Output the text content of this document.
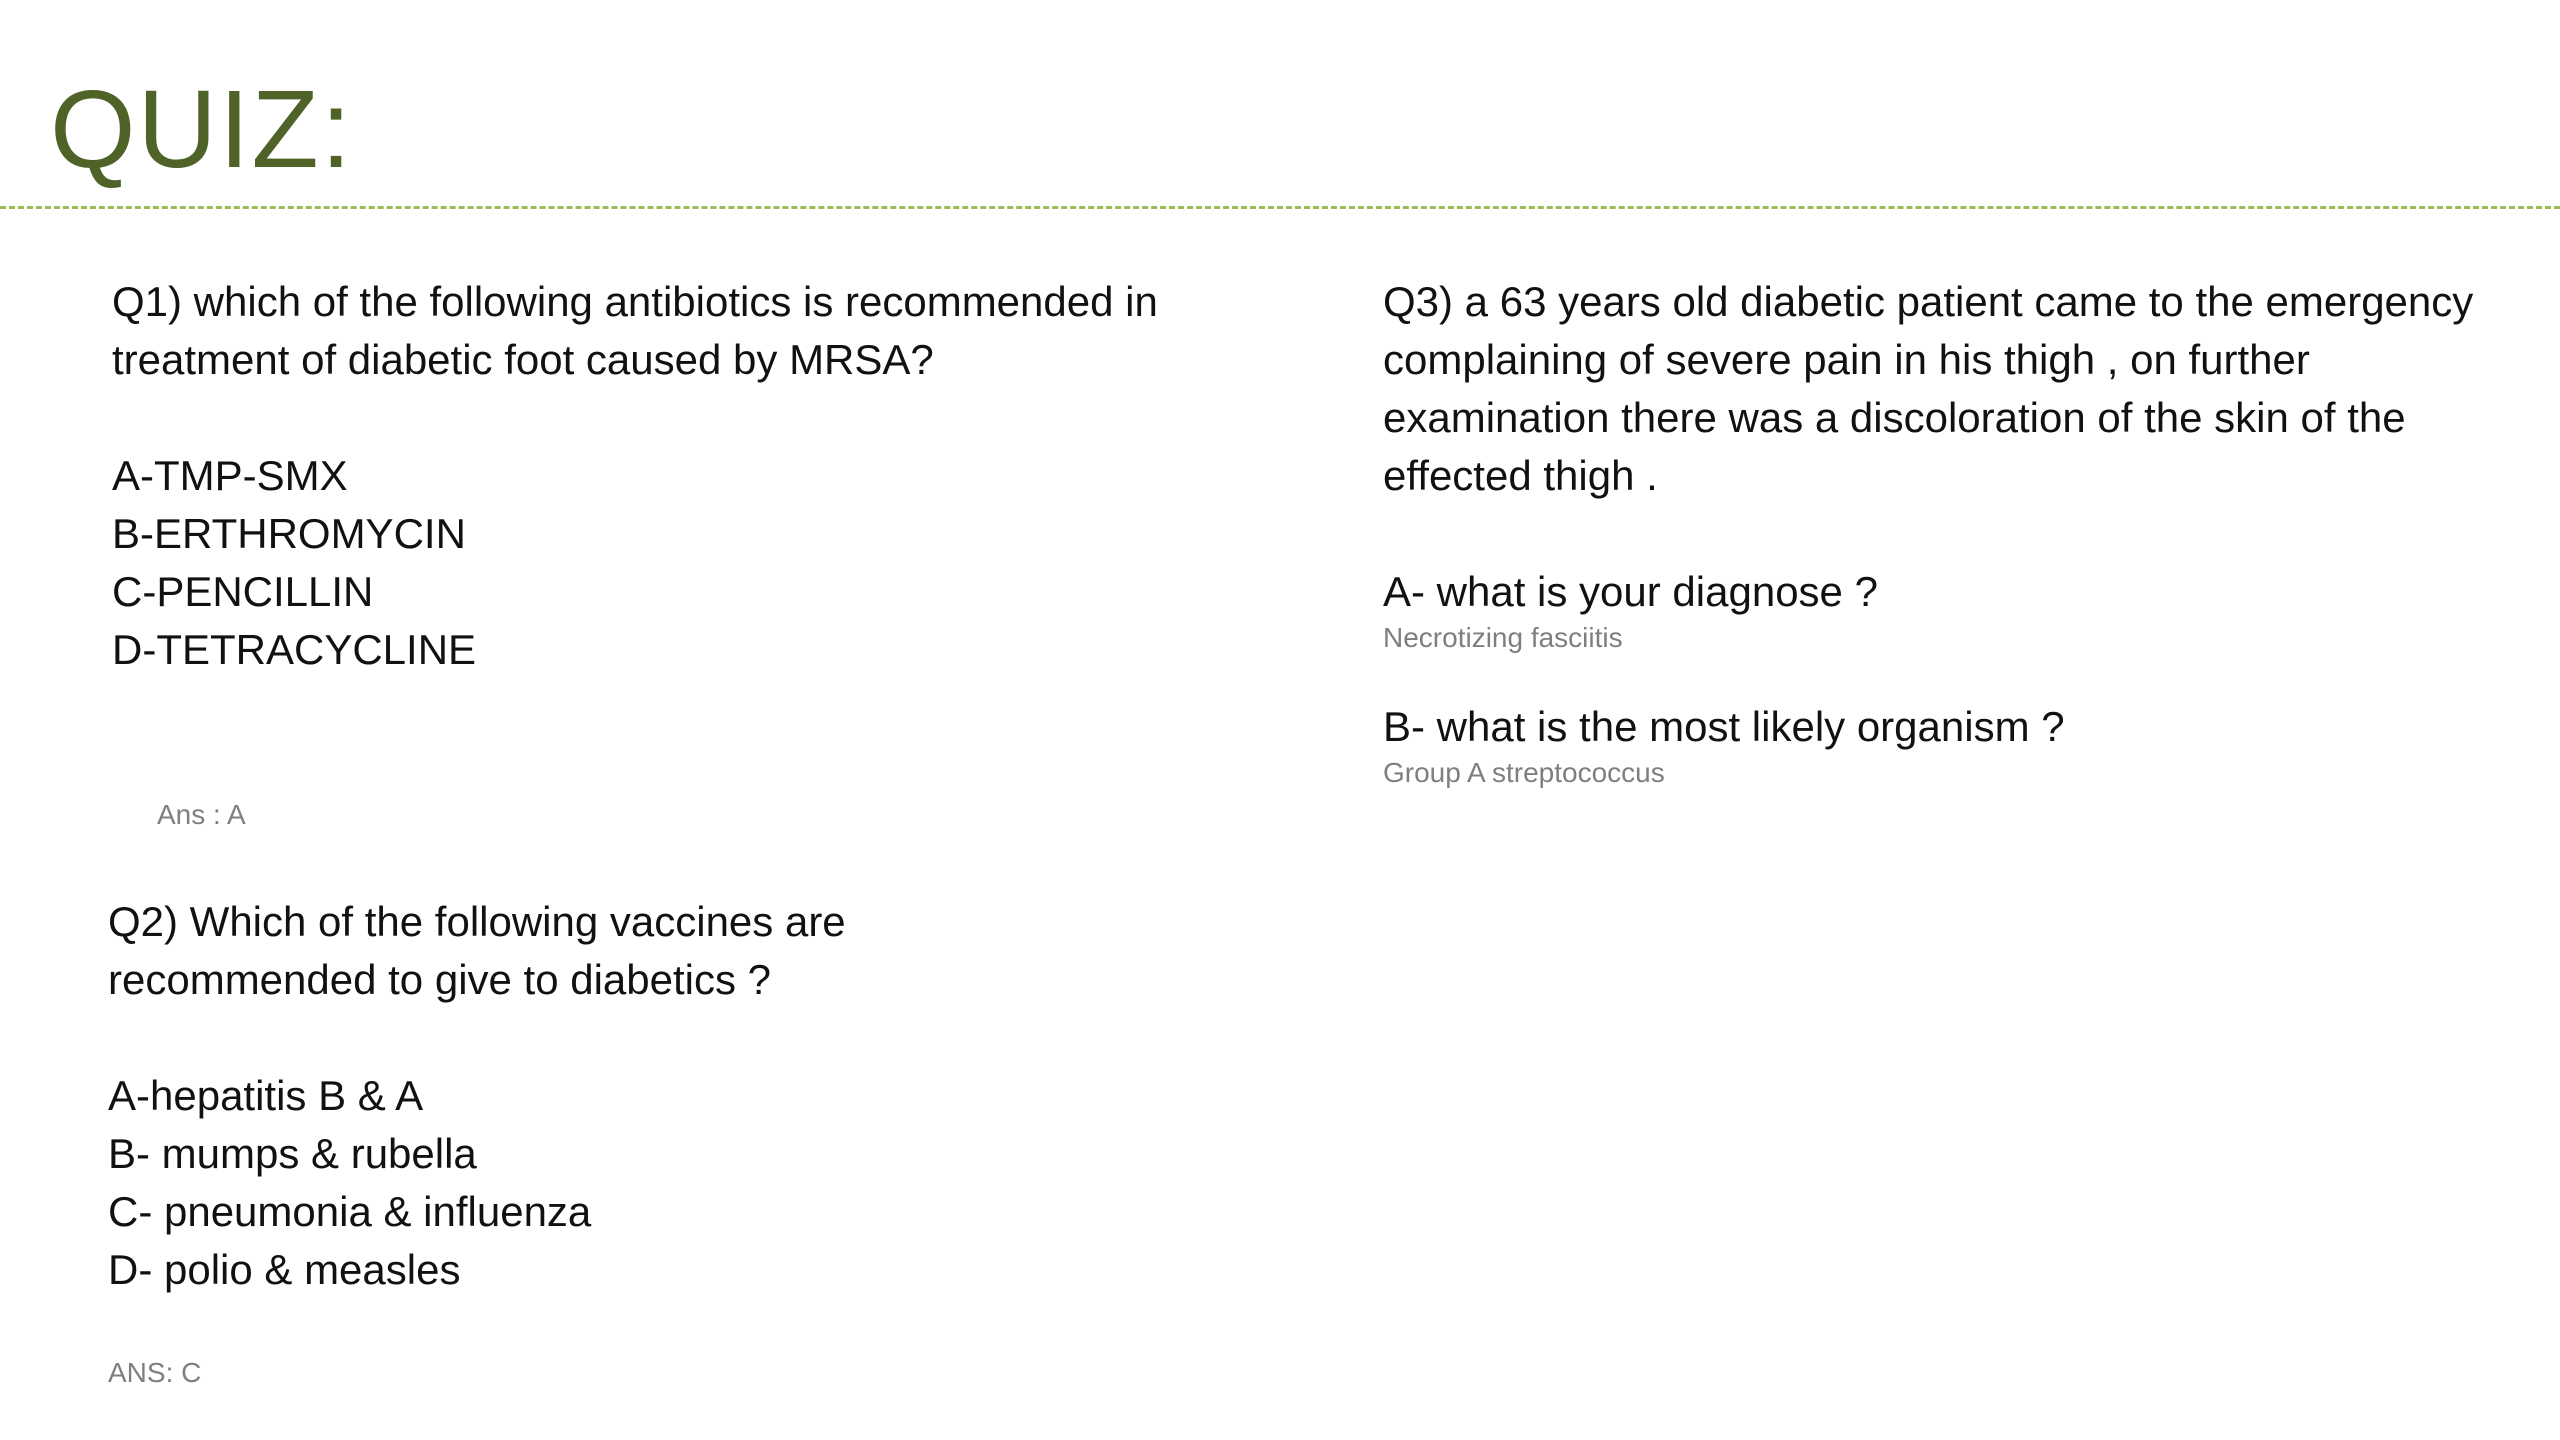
QUIZ:

Q1) which of the following antibiotics is recommended in treatment of diabetic foot caused by MRSA?

A-TMP-SMX
B-ERTHROMYCIN
C-PENCILLIN
D-TETRACYCLINE
Ans : A

Q2) Which of the following vaccines are recommended to give to diabetics ?

A-hepatitis B & A
B- mumps & rubella
C- pneumonia & influenza
D- polio & measles
ANS: C

Q3) a 63 years old diabetic patient came to the emergency complaining of severe pain in his thigh , on further examination there was a discoloration of the skin of the effected thigh .

A- what is your diagnose ?
Necrotizing fasciitis
B- what is the most likely organism ?
Group A streptococcus
